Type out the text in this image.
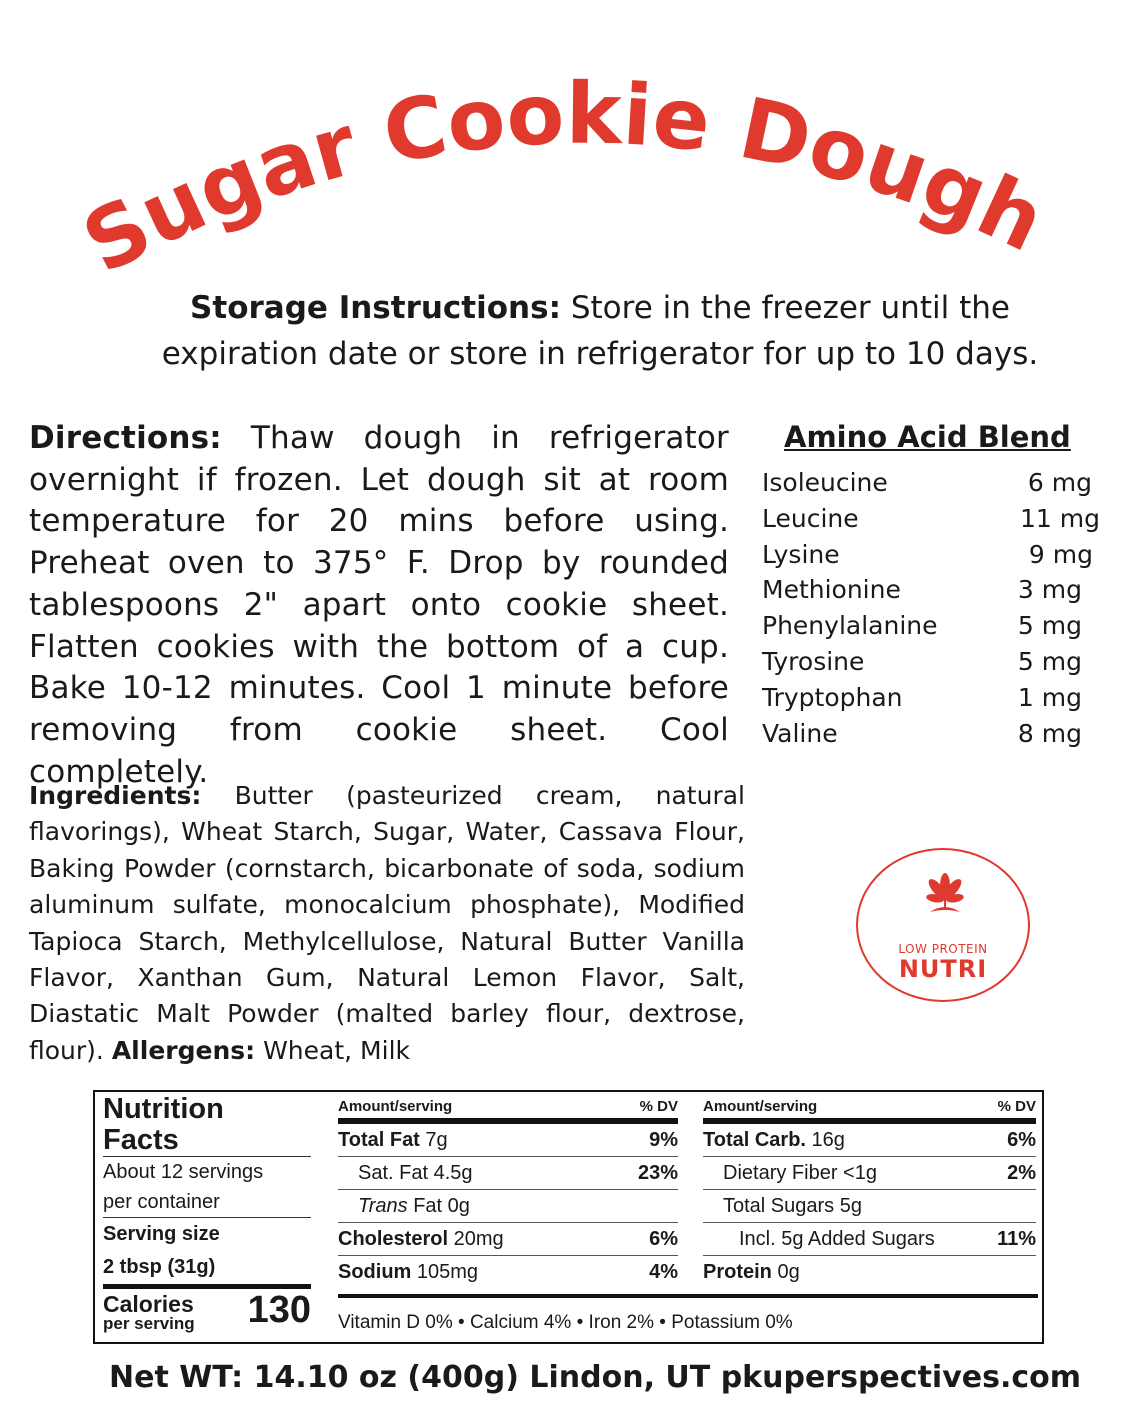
Sugar Cookie Dough
Storage Instructions: Store in the freezer until the
expiration date or store in refrigerator for up to 10 days.
Directions: Thaw dough in refrigerator overnight if frozen. Let dough sit at room temperature for 20 mins before using. Preheat oven to 375° F. Drop by rounded tablespoons 2" apart onto cookie sheet. Flatten cookies with the bottom of a cup. Bake 10-12 minutes. Cool 1 minute before removing from cookie sheet. Cool completely.
Amino Acid Blend
Isoleucine	6 mg
Leucine	11 mg
Lysine	9 mg
Methionine	3 mg
Phenylalanine	5 mg
Tyrosine	5 mg
Tryptophan	1 mg
Valine	8 mg
Ingredients: Butter (pasteurized cream, natural flavorings), Wheat Starch, Sugar, Water, Cassava Flour, Baking Powder (cornstarch, bicarbonate of soda, sodium aluminum sulfate, monocalcium phosphate), Modified Tapioca Starch, Methylcellulose, Natural Butter Vanilla Flavor, Xanthan Gum, Natural Lemon Flavor, Salt, Diastatic Malt Powder (malted barley flour, dextrose, flour). Allergens: Wheat, Milk
LOW PROTEIN
NUTRI
Nutrition
Facts
About 12 servings
per container
Serving size
2 tbsp (31g)
Calories
per serving	130
Amount/serving	% DV
Total Fat 7g	9%
Sat. Fat 4.5g	23%
Trans Fat 0g
Cholesterol 20mg	6%
Sodium 105mg	4%
Amount/serving	% DV
Total Carb. 16g	6%
Dietary Fiber <1g	2%
Total Sugars 5g
Incl. 5g Added Sugars	11%
Protein 0g
Vitamin D 0% • Calcium 4% • Iron 2% • Potassium 0%
Net WT: 14.10 oz (400g) Lindon, UT pkuperspectives.com
